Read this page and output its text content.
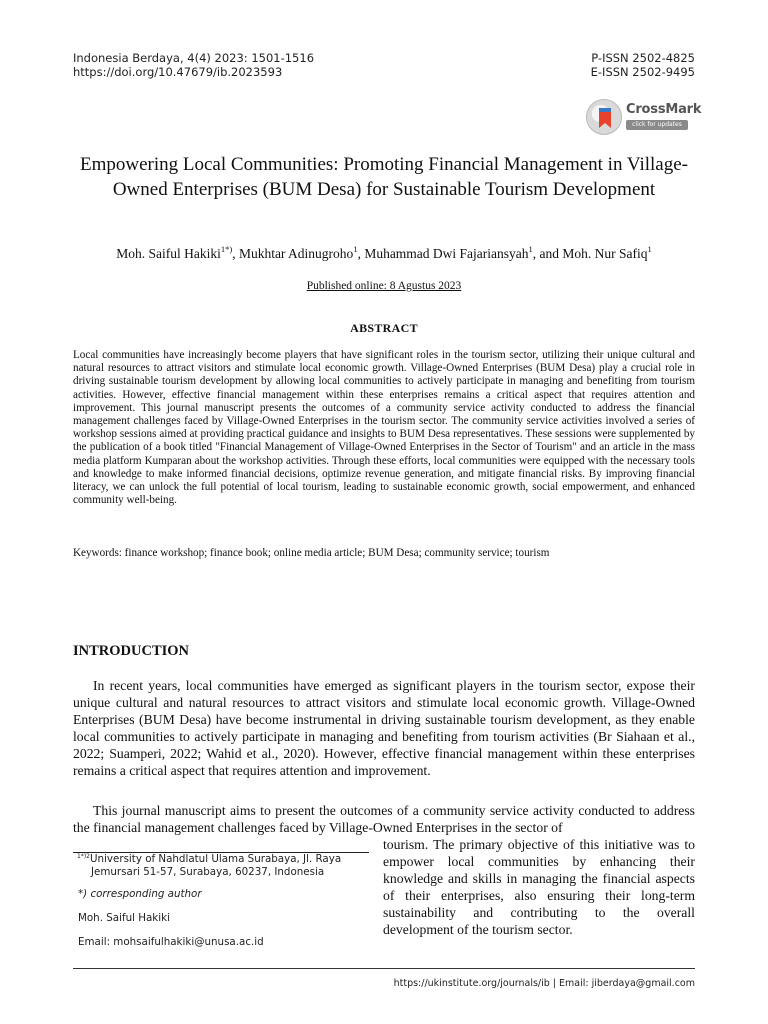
Indonesia Berdaya, 4(4) 2023: 1501-1516
https://doi.org/10.47679/ib.2023593
P-ISSN 2502-4825
E-ISSN 2502-9495
CrossMark
click for updates
Empowering Local Communities: Promoting Financial Management in Village-Owned Enterprises (BUM Desa) for Sustainable Tourism Development
Moh. Saiful Hakiki$^{1*)}$, Mukhtar Adinugroho$^1$, Muhammad Dwi Fajariansyah$^1$, and Moh. Nur Safiq$^1$
Published online: 8 Agustus 2023
ABSTRACT
Local communities have increasingly become players that have significant roles in the tourism sector, utilizing their unique cultural and natural resources to attract visitors and stimulate local economic growth. Village-Owned Enterprises (BUM Desa) play a crucial role in driving sustainable tourism development by allowing local communities to actively participate in managing and benefiting from tourism activities. However, effective financial management within these enterprises remains a critical aspect that requires attention and improvement. This journal manuscript presents the outcomes of a community service activity conducted to address the financial management challenges faced by Village-Owned Enterprises in the tourism sector. The community service activities involved a series of workshop sessions aimed at providing practical guidance and insights to BUM Desa representatives. These sessions were supplemented by the publication of a book titled "Financial Management of Village-Owned Enterprises in the Sector of Tourism" and an article in the mass media platform Kumparan about the workshop activities. Through these efforts, local communities were equipped with the necessary tools and knowledge to make informed financial decisions, optimize revenue generation, and mitigate financial risks. By improving financial literacy, we can unlock the full potential of local tourism, leading to sustainable economic growth, social empowerment, and enhanced community well-being.
Keywords: finance workshop; finance book; online media article; BUM Desa; community service; tourism
INTRODUCTION
In recent years, local communities have emerged as significant players in the tourism sector, expose their unique cultural and natural resources to attract visitors and stimulate local economic growth. Village-Owned Enterprises (BUM Desa) have become instrumental in driving sustainable tourism development, as they enable local communities to actively participate in managing and benefiting from tourism activities (Br Siahaan et al., 2022; Suamperi, 2022; Wahid et al., 2020). However, effective financial management within these enterprises remains a critical aspect that requires attention and improvement.
This journal manuscript aims to present the outcomes of a community service activity conducted to address the financial management challenges faced by Village-Owned Enterprises in the sector of
tourism. The primary objective of this initiative was to empower local communities by enhancing their knowledge and skills in managing the financial aspects of their enterprises, also ensuring their long-term sustainability and contributing to the overall development of the tourism sector.
$^{1*)2}$University of Nahdlatul Ulama Surabaya, Jl. Raya
Jemursari 51-57, Surabaya, 60237, Indonesia
*) corresponding author
Moh. Saiful Hakiki
Email: mohsaifulhakiki@unusa.ac.id
https://ukinstitute.org/journals/ib | Email: jiberdaya@gmail.com
